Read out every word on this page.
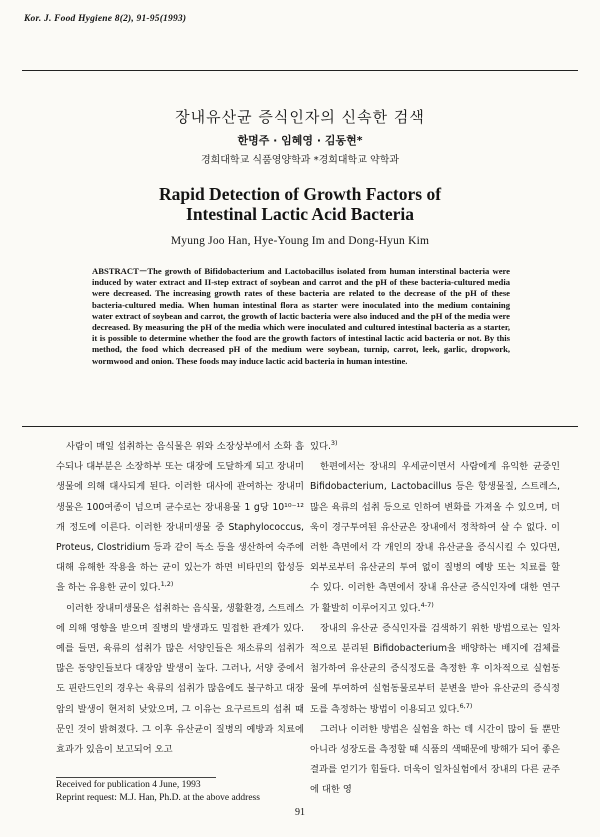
Kor. J. Food Hygiene 8(2), 91-95(1993)
장내유산균 증식인자의 신속한 검색
한명주 · 임혜영 · 김동현*
경희대학교 식품영양학과 *경희대학교 약학과
Rapid Detection of Growth Factors of
Intestinal Lactic Acid Bacteria
Myung Joo Han, Hye-Young Im and Dong-Hyun Kim
ABSTRACT－The growth of Bifidobacterium and Lactobacillus isolated from human interstinal bacteria were induced by water extract and II-step extract of soybean and carrot and the pH of these bacteria-cultured media were decreased. The increasing growth rates of these bacteria are related to the decrease of the pH of these bacteria-cultured media. When human intestinal flora as starter were inoculated into the medium containing water extract of soybean and carrot, the growth of lactic bacteria were also induced and the pH of the media were decreased. By measuring the pH of the media which were inoculated and cultured intestinal bacteria as a starter, it is possible to determine whether the food are the growth factors of intestinal lactic acid bacteria or not. By this method, the food which decreased pH of the medium were soybean, turnip, carrot, leek, garlic, dropwork, wormwood and onion. These foods may induce lactic acid bacteria in human intestine.

사람이 매일 섭취하는 음식물은 위와 소장상부에서 소화 흡수되나 대부분은 소장하부 또는 대장에 도달하게 되고 장내미생물에 의해 대사되게 된다. 이러한 대사에 관여하는 장내미생물은 100여종이 넘으며 균수로는 장내용물 1 g당 10¹⁰⁻¹² 개 정도에 이른다. 이러한 장내미생물 중 Staphylococcus, Proteus, Clostridium 등과 같이 독소 등을 생산하여 숙주에 대해 유해한 작용을 하는 균이 있는가 하면 비타민의 합성등을 하는 유용한 균이 있다.$^{1,2)}$

이러한 장내미생물은 섭취하는 음식물, 생활환경, 스트레스에 의해 영향을 받으며 질병의 발생과도 밀접한 관계가 있다. 예를 들면, 육류의 섭취가 많은 서양인들은 채소류의 섭취가 많은 동양인들보다 대장암 발생이 높다. 그러나, 서양 중에서도 핀란드인의 경우는 육류의 섭취가 많음에도 불구하고 대장암의 발생이 현저히 낮았으며, 그 이유는 요구르트의 섭취 때문인 것이 밝혀졌다. 그 이후 유산균이 질병의 예방과 치료에 효과가 있음이 보고되어 오고

있다.$^{3)}$

한편에서는 장내의 우세균이면서 사람에게 유익한 균중인 Bifidobacterium, Lactobacillus 등은 항생물질, 스트레스, 많은 육류의 섭취 등으로 인하여 변화를 가져올 수 있으며, 더욱이 경구투여된 유산균은 장내에서 정착하여 살 수 없다. 이러한 측면에서 각 개인의 장내 유산균을 증식시킬 수 있다면, 외부로부터 유산균의 투여 없이 질병의 예방 또는 치료를 할 수 있다. 이러한 측면에서 장내 유산균 증식인자에 대한 연구가 활발히 이루어지고 있다.$^{4-7)}$

장내의 유산균 증식인자를 검색하기 위한 방법으로는 일차적으로 분리된 Bifidobacterium을 배양하는 배지에 검체를 첨가하여 유산균의 증식정도를 측정한 후 이차적으로 실험동물에 투여하여 실험동물로부터 분변을 받아 유산균의 증식정도를 측정하는 방법이 이용되고 있다.$^{6,7)}$

그러나 이러한 방법은 실험을 하는 데 시간이 많이 들 뿐만 아니라 성장도를 측정할 때 식품의 색때문에 방해가 되어 좋은 결과를 얻기가 힘들다. 더욱이 일차실험에서 장내의 다른 균주에 대한 영

Received for publication 4 June, 1993
Reprint request: M.J. Han, Ph.D. at the above address
91
